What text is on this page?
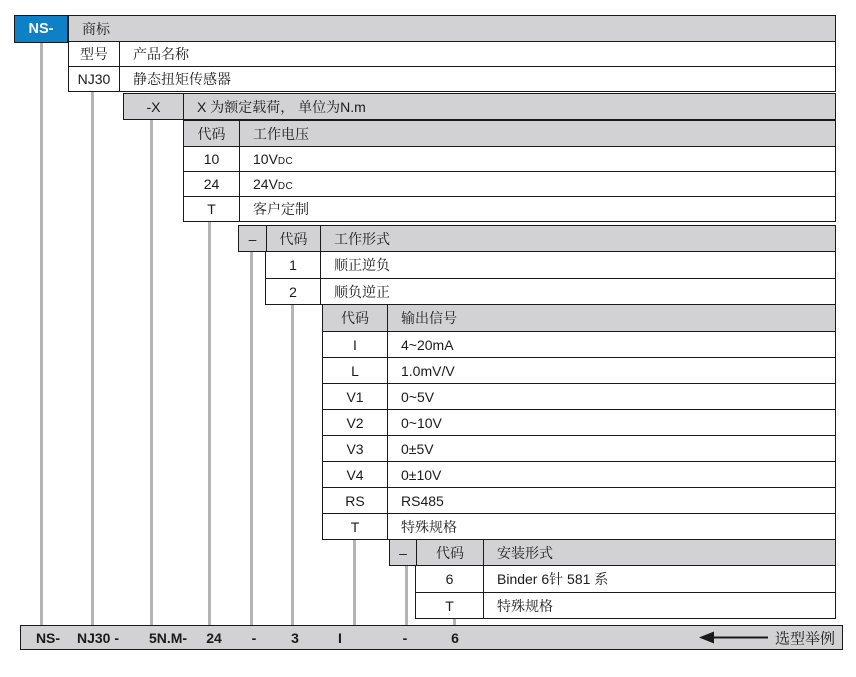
NS-	商标
型号	产品名称
NJ30	静态扭矩传感器
-X	X 为额定载荷， 单位为N.m
代码	工作电压
10	10V DC
24	24V DC
T	客户定制
–	代码	工作形式
1	顺正逆负
2	顺负逆正
代码	输出信号
I	4~20mA
L	1.0mV/V
V1	0~5V
V2	0~10V
V3	0±5V
V4	0±10V
RS	RS485
T	特殊规格
–	代码	安装形式
6	Binder 6针 581 系
T	特殊规格
NS- NJ30 - 5N.M- 24 - 3	I	-	6	选型举例
